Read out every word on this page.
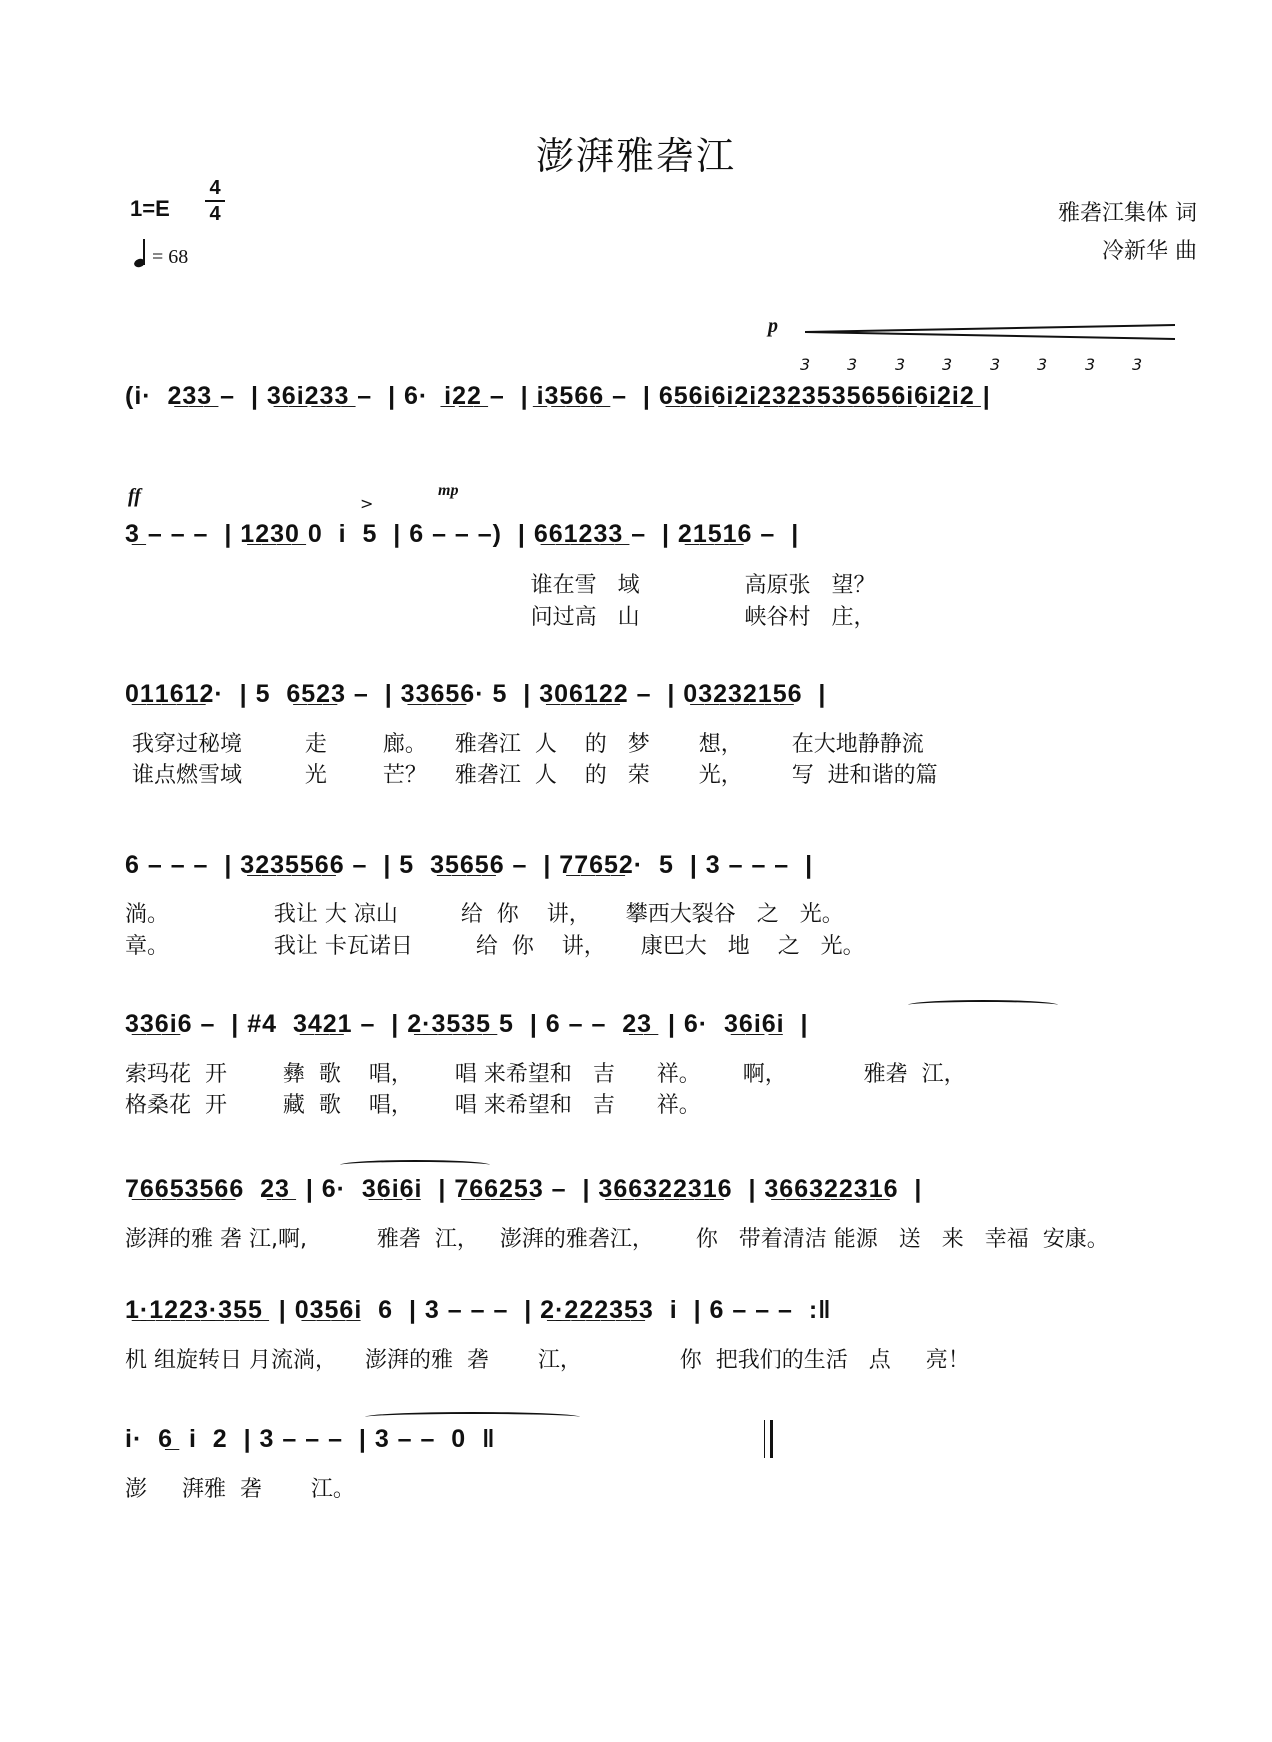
澎湃雅砻江
1=E
4
4
= 68
雅砻江集体 词
冷新华 曲
p
ff	mp
>
3 3 3 3 3 3 3 3
(i·  2̲3̲3̲ –  | 3̲6̲i̲2̲3̲3̲ –  | 6·  i̲2̲2̲ –  | i̲3̲5̲6̲6̲ –  | 6̲5̲6̲i̲6̲i̲2̲i̲2̲3̲2̲3̲5̲3̲5̲6̲5̲6̲i̲6̲i̲2̲i̲2̲ |
3̲ – – –  | 1̲2̲3̲0̲ 0  i  5  | 6 – – –)  | 6̲6̲1̲2̲3̲3̲ –  | 2̲1̲5̲1̲6 –  |
谁在雪   域               高原张   望？
问过高   山               峡谷村   庄，
0̲1̲1̲6̲1̲2·  | 5  6̲5̲2̲3 –  | 3̲3̲6̲5̲6· 5  | 3̲0̲6̲1̲2̲2 –  | 0̲3̲2̲3̲2̲1̲5̲6  |
我穿过秘境         走        廊。    雅砻江  人    的   梦       想，       在大地静静流
谁点燃雪域         光        芒？    雅砻江  人    的   荣       光，       写  进和谐的篇
6 – – –  | 3̲2̲3̲5̲5̲6̲6 –  | 5  3̲5̲6̲5̲6 –  | 7̲7̲6̲5̲2·  5  | 3 – – –  |
淌。               我让 大 凉山         给  你    讲，     攀西大裂谷   之   光。
章。               我让 卡瓦诺日         给  你    讲，     康巴大   地    之   光。
3̲3̲6̲i̲6 –  | #4  3̲4̲2̲1 –  | 2̲·̲3̲5̲3̲5̲ 5  | 6 – –  2̲3̲  | 6·  3̲6̲i̲6̲i  |
索玛花  开        彝  歌    唱，      唱 来希望和   吉      祥。      啊，           雅砻  江，
格桑花  开        藏  歌    唱，      唱 来希望和   吉      祥。
7̲6̲6̲5̲3̲5̲6̲6  2̲3̲  | 6·  3̲6̲i̲6̲i  | 7̲6̲6̲2̲5̲3 –  | 3̲6̲6̲3̲2̲2̲3̲1̲6  | 3̲6̲6̲3̲2̲2̲3̲1̲6  |
澎湃的雅 砻 江,啊,          雅砻  江，   澎湃的雅砻江，      你   带着清洁 能源   送   来   幸福  安康。
1̲·̲1̲2̲2̲3̲·̲3̲5̲5̲  | 0̲3̲5̲6̲i  6  | 3 – – –  | 2̲·̲2̲2̲2̲3̲5̲3  i  | 6 – – –  :‖
机 组旋转日 月流淌，    澎湃的雅  砻       江，              你  把我们的生活   点     亮！
i·  6̲  i  2  | 3 – – –  | 3 – –  0  ‖
澎     湃雅  砻       江。
